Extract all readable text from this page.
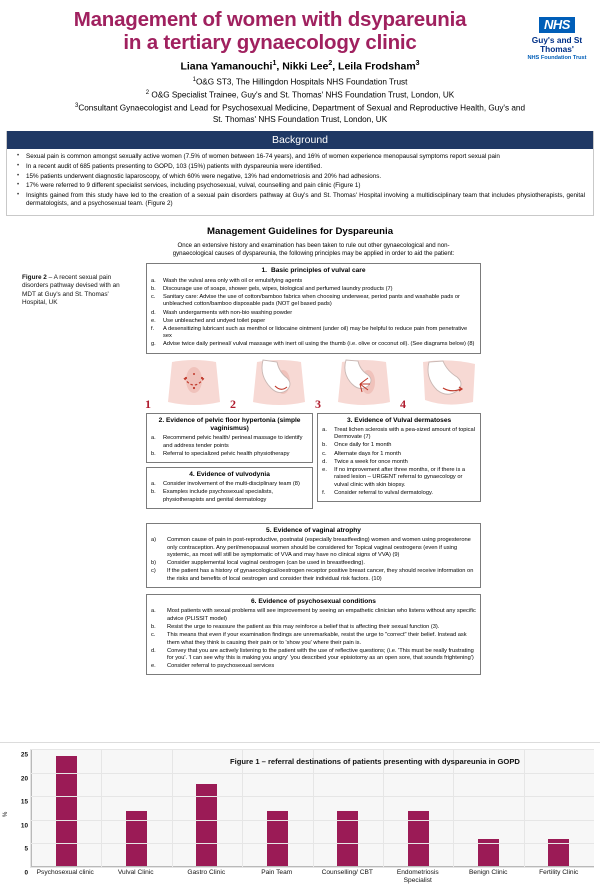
Management of women with dsypareunia
in a tertiary gynaecology clinic
NHS
Guy's and St Thomas'
NHS Foundation Trust
Liana Yamanouchi$^1$, Nikki Lee$^2$, Leila Frodsham$^3$
$^1$O&G ST3, The Hillingdon Hospitals NHS Foundation Trust
$^2$ O&G Specialist Trainee, Guy's and St. Thomas' NHS Foundation Trust, London, UK
$^3$Consultant Gynaecologist and Lead for Psychosexual Medicine, Department of Sexual and Reproductive Health, Guy's and
St. Thomas' NHS Foundation Trust, London, UK
Background
• Sexual pain is common amongst sexually active women (7.5% of women between 16-74 years), and 16% of women experience menopausal symptoms report sexual pain
• In a recent audit of 685 patients presenting to GOPD, 103 (15%) patients with dyspareunia were identified.
• 15% patients underwent diagnostic laparoscopy, of which 60% were negative, 13% had endometriosis and 20% had adhesions.
• 17% were referred to 9 different specialist services, including psychosexual, vulval, counselling and pain clinic (Figure 1)
• Insights gained from this study have led to the creation of a sexual pain disorders pathway at Guy's and St. Thomas' Hospital involving a multidisciplinary team that includes physiotherapists, genital dermatologists, and a psychosexual team. (Figure 2)
Management Guidelines for Dyspareunia
Figure 2 – A recent sexual pain disorders pathway devised with an MDT at Guy's and St. Thomas' Hospital, UK
Once an extensive history and examination has been taken to rule out other gynaecological and non-gynaecological causes of dyspareunia, the following principles may be applied in order to aid the patient:
1. Basic principles of vulval care
a.	Wash the vulval area only with oil or emulsifying agents
b.	Discourage use of soaps, shower gels, wipes, biological and perfumed laundry products (7)
c.	Sanitary care: Advise the use of cotton/bamboo fabrics when choosing underwear, period pants and washable pads or unbleached cotton/bamboo disposable pads (NOT gel based pads)
d.	Wash undergarments with non-bio washing powder
e.	Use unbleached and undyed toilet paper
f.	A desensitizing lubricant such as menthol or lidocaine ointment (under oil) may be helpful to reduce pain from penetrative sex
g.	Advise twice daily perineal/ vulval massage with inert oil using the thumb (i.e. olive or coconut oil). (See diagrams below) (8)
1	2	3	4
2. Evidence of pelvic floor hypertonia (simple vaginismus)
a.	Recommend pelvic health/ perineal massage to identify and address tender points
b.	Referral to specialized pelvic health physiotherapy
4. Evidence of vulvodynia
a.	Consider involvement of the multi-disciplinary team (8)
b.	Examples include psychosexual specialists, physiotherapists and genital dermatology
3. Evidence of Vulval dermatoses
a.	Treat lichen sclerosis with a pea-sized amount of topical Dermovate (7)
b.	Once daily for 1 month
c.	Alternate days for 1 month
d.	Twice a week for once month
e.	If no improvement after three months, or if there is a raised lesion – URGENT referral to gynaecology or vulval clinic with skin biopsy.
f.	Consider referral to vulval dermatology.
5. Evidence of vaginal atrophy
a)	Common cause of pain in post-reproductive, postnatal (especially breastfeeding) women and women using progesterone only contraception. Any peri/menopausal women should be considered for Topical vaginal oestrogens (even if using systemic, as most will still be symptomatic of VVA and may have no clinical signs of VVA) (9)
b)	Consider supplemental local vaginal oestrogen (can be used in breastfeeding).
c)	If the patient has a history of gynaecological/oestrogen receptor positive breast cancer, they should receive information on the risks and benefits of local oestrogen and consider their individual risk factors. (10)
6. Evidence of psychosexual conditions
a.	Most patients with sexual problems will see improvement by seeing an empathetic clinician who listens without any specific advice (PLISSIT model)
b.	Resist the urge to reassure the patient as this may reinforce a belief that is affecting their sexual function (3).
c.	This means that even if your examination findings are unremarkable, resist the urge to "correct" their belief. Instead ask them what they think is causing their pain or to 'show you' where their pain is.
d.	Convey that you are actively listening to the patient with the use of reflective questions; (i.e. 'This must be really frustrating for you'. 'I can see why this is making you angry' 'you described your episiotomy as an open sore, that sounds frightening')
e.	Consider referral to psychosexual services
%
0
5
10
15
20
25
Figure 1 – referral destinations of patients presenting with dyspareunia in GOPD
Psychosexual clinic	Vulval Clinic	Gastro Clinic	Pain Team	Counselling/ CBT	Endometriosis Specialist
Benign Clinic	Fertility Clinic
